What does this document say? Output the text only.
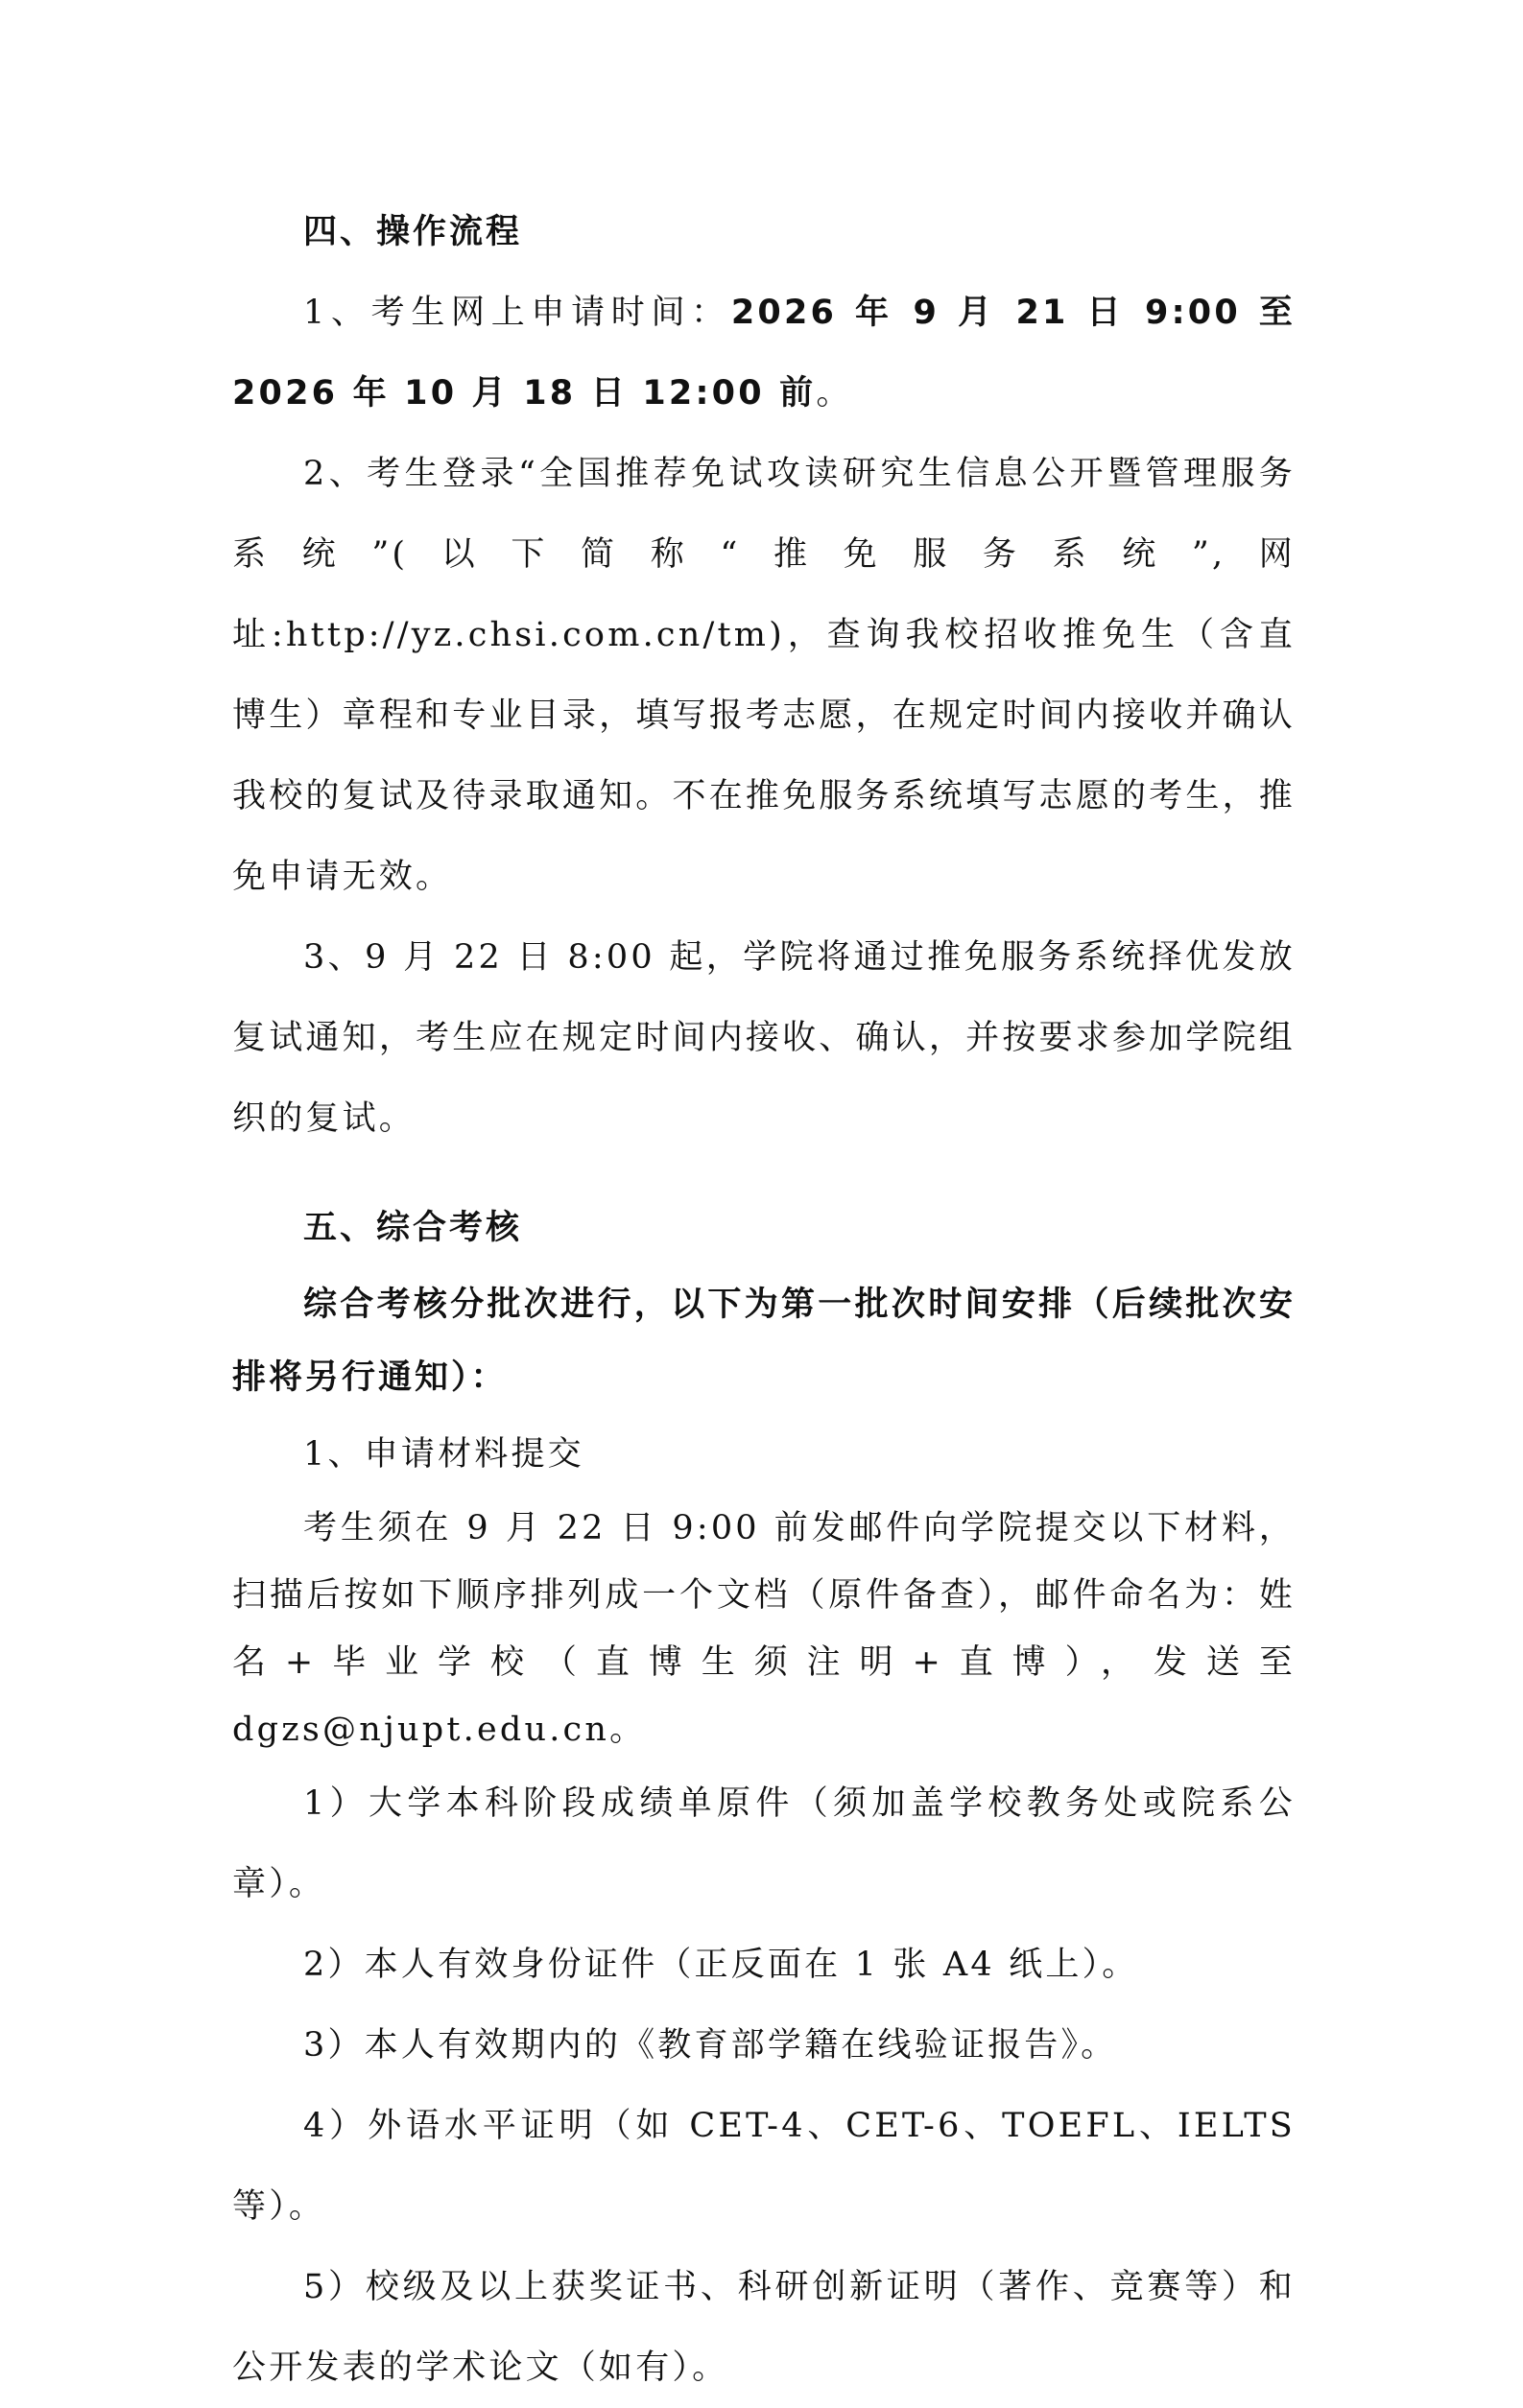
四、操作流程

1、考生网上申请时间：2026 年 9 月 21 日 9:00 至 2026 年 10 月 18 日 12:00 前。

2、考生登录“全国推荐免试攻读研究生信息公开暨管理服务系统”(以下简称“推免服务系统”,网址:http://yz.chsi.com.cn/tm)，查询我校招收推免生（含直博生）章程和专业目录，填写报考志愿，在规定时间内接收并确认我校的复试及待录取通知。不在推免服务系统填写志愿的考生，推免申请无效。

3、9 月 22 日 8:00 起，学院将通过推免服务系统择优发放复试通知，考生应在规定时间内接收、确认，并按要求参加学院组织的复试。

五、综合考核

综合考核分批次进行，以下为第一批次时间安排（后续批次安排将另行通知）：

1、申请材料提交

考生须在 9 月 22 日 9:00 前发邮件向学院提交以下材料，扫描后按如下顺序排列成一个文档（原件备查），邮件命名为：姓名+毕业学校（直博生须注明+直博），发送至 dgzs@njupt.edu.cn。

1）大学本科阶段成绩单原件（须加盖学校教务处或院系公章）。

2）本人有效身份证件（正反面在 1 张 A4 纸上）。

3）本人有效期内的《教育部学籍在线验证报告》。

4）外语水平证明（如 CET-4、CET-6、TOEFL、IELTS 等）。

5）校级及以上获奖证书、科研创新证明（著作、竞赛等）和公开发表的学术论文（如有）。
